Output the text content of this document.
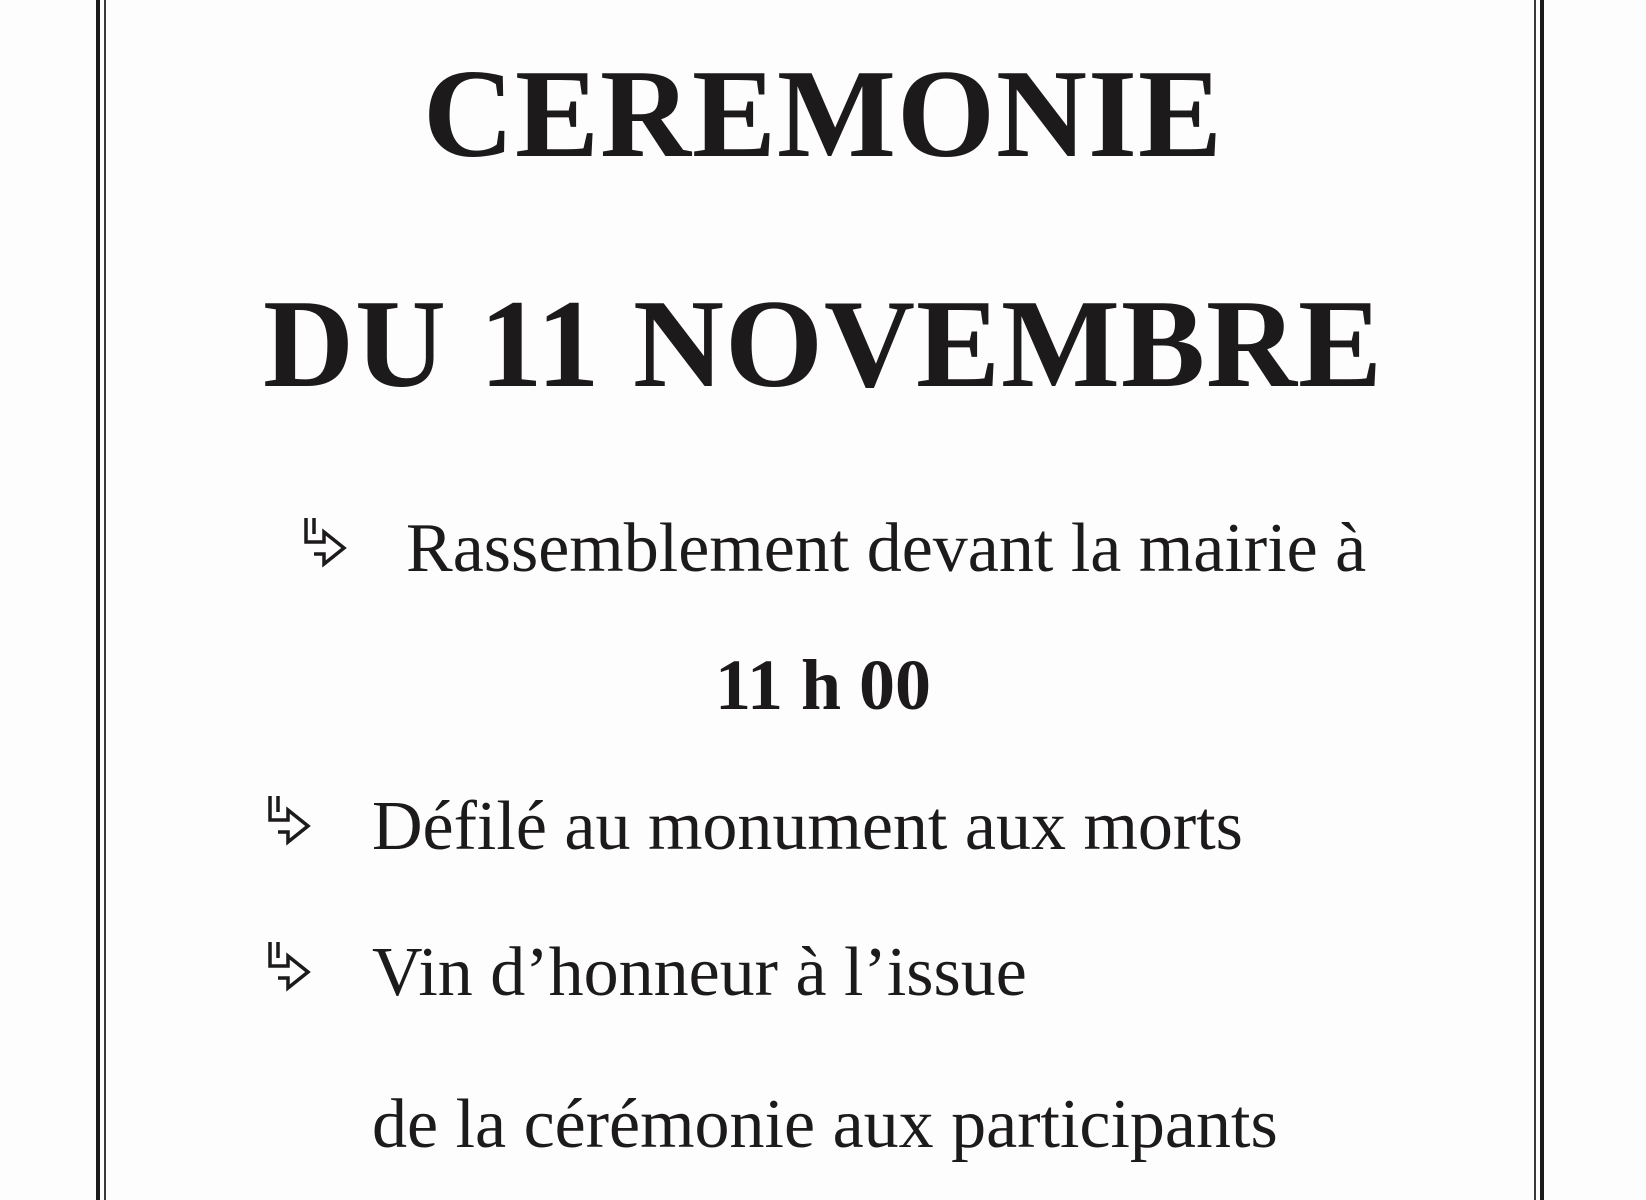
CEREMONIE
DU 11 NOVEMBRE
Rassemblement devant la mairie à
11 h 00
Défilé au monument aux morts
Vin d’honneur à l’issue
de la cérémonie aux participants
